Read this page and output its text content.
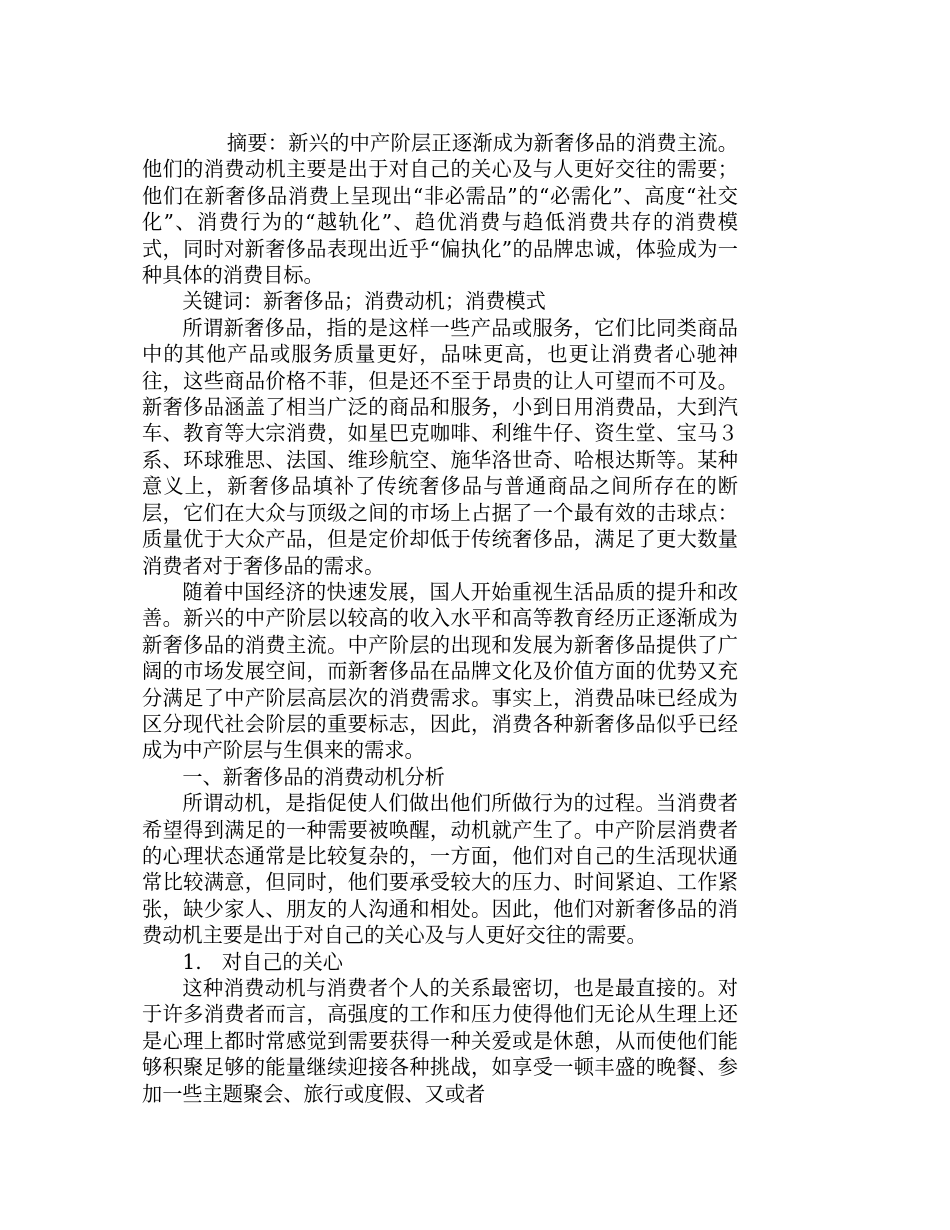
摘要：新兴的中产阶层正逐渐成为新奢侈品的消费主流。他们的消费动机主要是出于对自己的关心及与人更好交往的需要；他们在新奢侈品消费上呈现出“非必需品”的“必需化”、高度“社交化”、消费行为的“越轨化”、趋优消费与趋低消费共存的消费模式，同时对新奢侈品表现出近乎“偏执化”的品牌忠诚，体验成为一种具体的消费目标。

关键词：新奢侈品；消费动机；消费模式

所谓新奢侈品，指的是这样一些产品或服务，它们比同类商品中的其他产品或服务质量更好，品味更高，也更让消费者心驰神往，这些商品价格不菲，但是还不至于昂贵的让人可望而不可及。新奢侈品涵盖了相当广泛的商品和服务，小到日用消费品，大到汽车、教育等大宗消费，如星巴克咖啡、利维牛仔、资生堂、宝马３系、环球雅思、法国、维珍航空、施华洛世奇、哈根达斯等。某种意义上，新奢侈品填补了传统奢侈品与普通商品之间所存在的断层，它们在大众与顶级之间的市场上占据了一个最有效的击球点：质量优于大众产品，但是定价却低于传统奢侈品，满足了更大数量消费者对于奢侈品的需求。

随着中国经济的快速发展，国人开始重视生活品质的提升和改善。新兴的中产阶层以较高的收入水平和高等教育经历正逐渐成为新奢侈品的消费主流。中产阶层的出现和发展为新奢侈品提供了广阔的市场发展空间，而新奢侈品在品牌文化及价值方面的优势又充分满足了中产阶层高层次的消费需求。事实上，消费品味已经成为区分现代社会阶层的重要标志，因此，消费各种新奢侈品似乎已经成为中产阶层与生俱来的需求。

一、新奢侈品的消费动机分析

所谓动机，是指促使人们做出他们所做行为的过程。当消费者希望得到满足的一种需要被唤醒，动机就产生了。中产阶层消费者的心理状态通常是比较复杂的，一方面，他们对自己的生活现状通常比较满意，但同时，他们要承受较大的压力、时间紧迫、工作紧张，缺少家人、朋友的人沟通和相处。因此，他们对新奢侈品的消费动机主要是出于对自己的关心及与人更好交往的需要。

1.　对自己的关心

这种消费动机与消费者个人的关系最密切，也是最直接的。对于许多消费者而言，高强度的工作和压力使得他们无论从生理上还是心理上都时常感觉到需要获得一种关爱或是休憩，从而使他们能够积聚足够的能量继续迎接各种挑战，如享受一顿丰盛的晚餐、参加一些主题聚会、旅行或度假、又或者
